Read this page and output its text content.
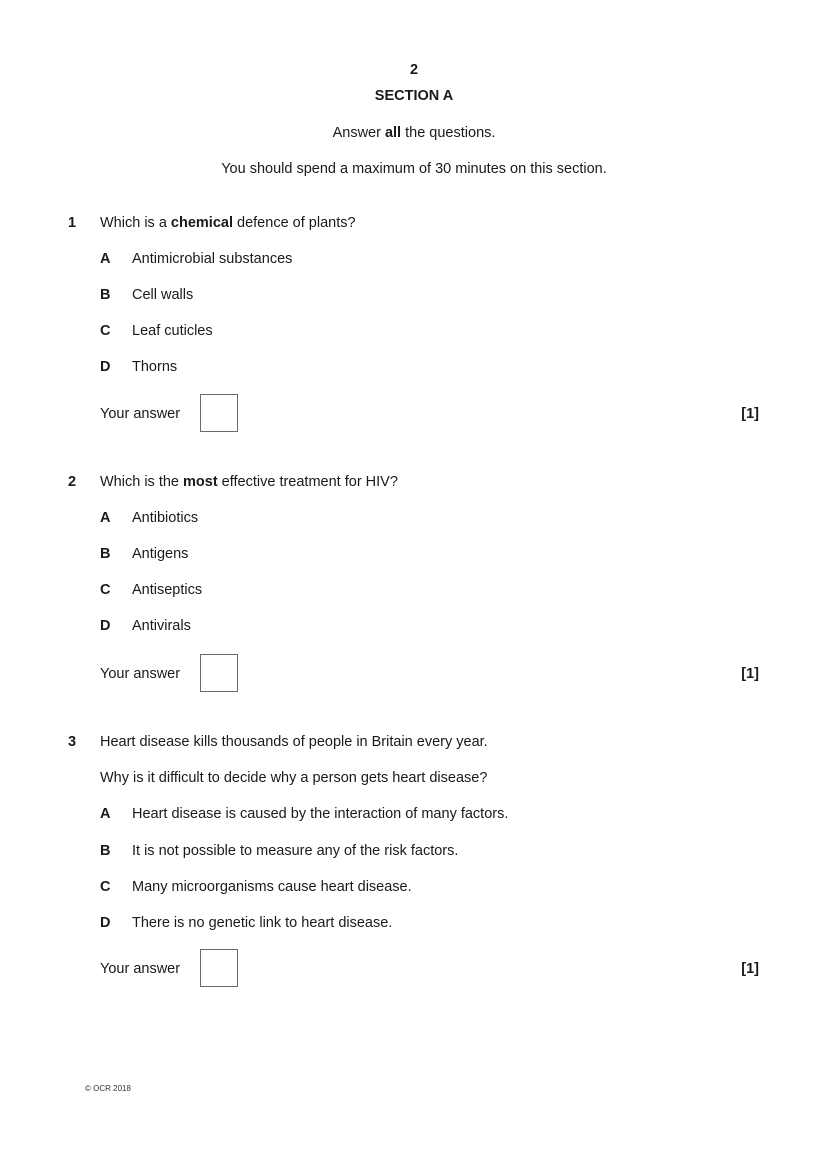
2
SECTION A
Answer all the questions.
You should spend a maximum of 30 minutes on this section.
1 Which is a chemical defence of plants?
A Antimicrobial substances
B Cell walls
C Leaf cuticles
D Thorns
Your answer	[1]
2 Which is the most effective treatment for HIV?
A Antibiotics
B Antigens
C Antiseptics
D Antivirals
Your answer	[1]
3 Heart disease kills thousands of people in Britain every year.
Why is it difficult to decide why a person gets heart disease?
A Heart disease is caused by the interaction of many factors.
B It is not possible to measure any of the risk factors.
C Many microorganisms cause heart disease.
D There is no genetic link to heart disease.
Your answer	[1]
© OCR 2018
